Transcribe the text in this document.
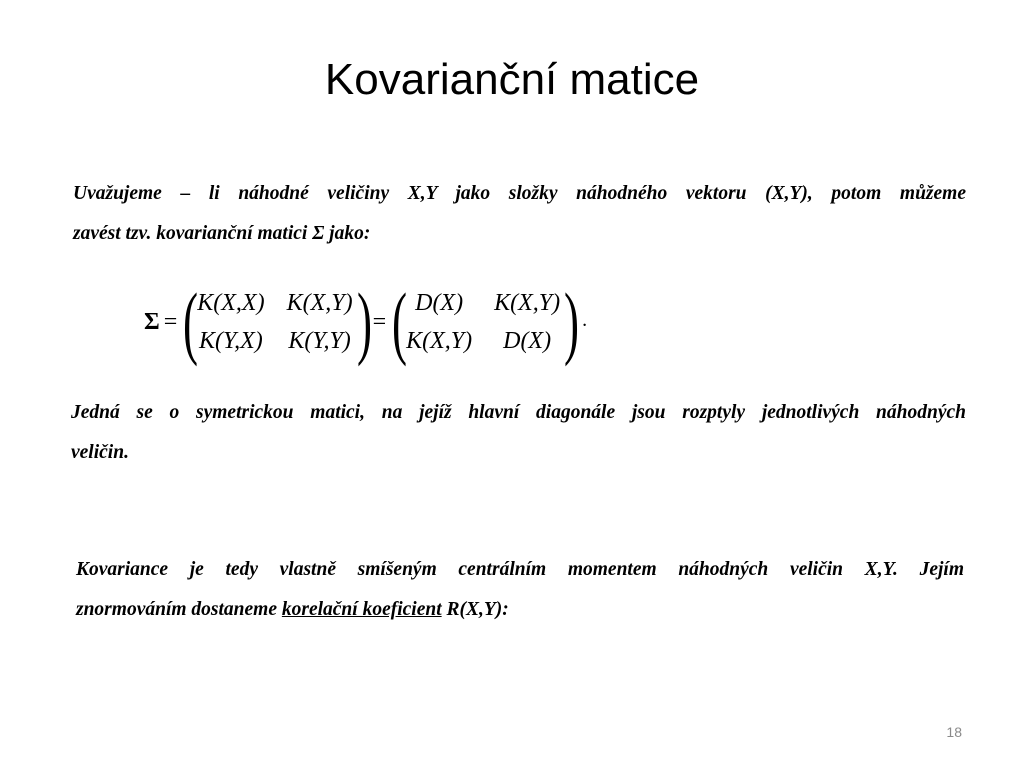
Kovarianční matice
Uvažujeme – li náhodné veličiny X,Y jako složky náhodného vektoru (X,Y), potom můžeme
zavést tzv. kovarianční matici Σ jako:
Σ = (
K(X,X) K(X,Y)
K(Y,X) K(Y,Y) ) = ( D(X)	K(X,Y)
K(X,Y)	D(X) ) .
Jedná se o symetrickou matici, na jejíž hlavní diagonále jsou rozptyly jednotlivých náhodných
veličin.
Kovariance je tedy vlastně smíšeným centrálním momentem náhodných veličin X,Y. Jejím
znormováním dostaneme korelační koeficient R(X,Y):
18
